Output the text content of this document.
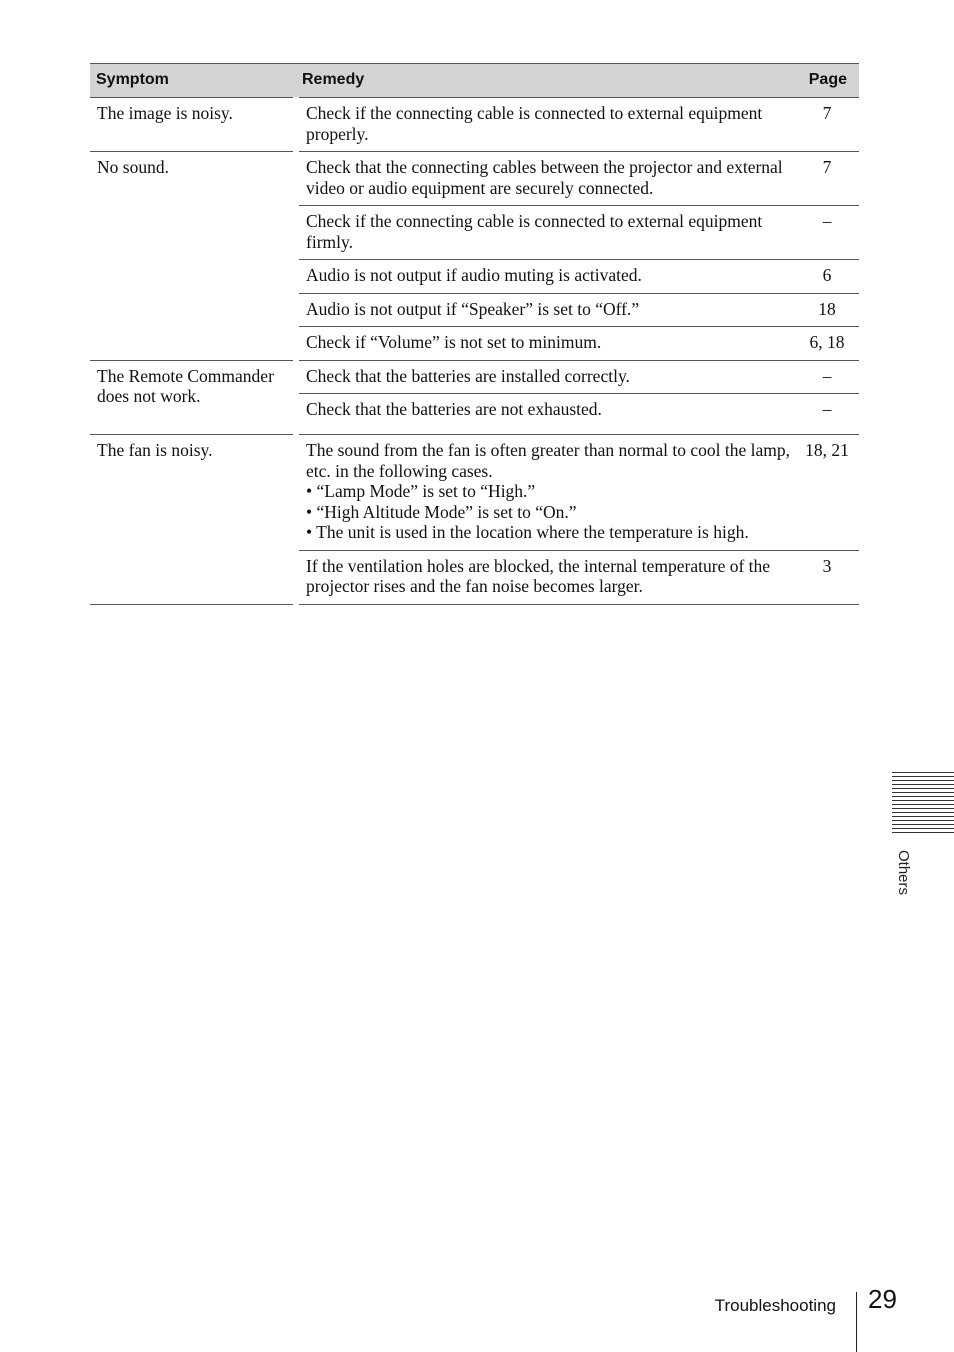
Symptom	Remedy	Page
The image is noisy.	Check if the connecting cable is connected to external equipment properly.	7
No sound.	Check that the connecting cables between the projector and external video or audio equipment are securely connected.	7
	Check if the connecting cable is connected to external equipment firmly.	–
	Audio is not output if audio muting is activated.	6
	Audio is not output if “Speaker” is set to “Off.”	18
	Check if “Volume” is not set to minimum.	6, 18
The Remote Commander does not work.	Check that the batteries are installed correctly.	–
	Check that the batteries are not exhausted.	–
The fan is noisy.	The sound from the fan is often greater than normal to cool the lamp, etc. in the following cases.
• “Lamp Mode” is set to “High.”
• “High Altitude Mode” is set to “On.”
• The unit is used in the location where the temperature is high.	18, 21
	If the ventilation holes are blocked, the internal temperature of the projector rises and the fan noise becomes larger.	3
Others
Troubleshooting 29
